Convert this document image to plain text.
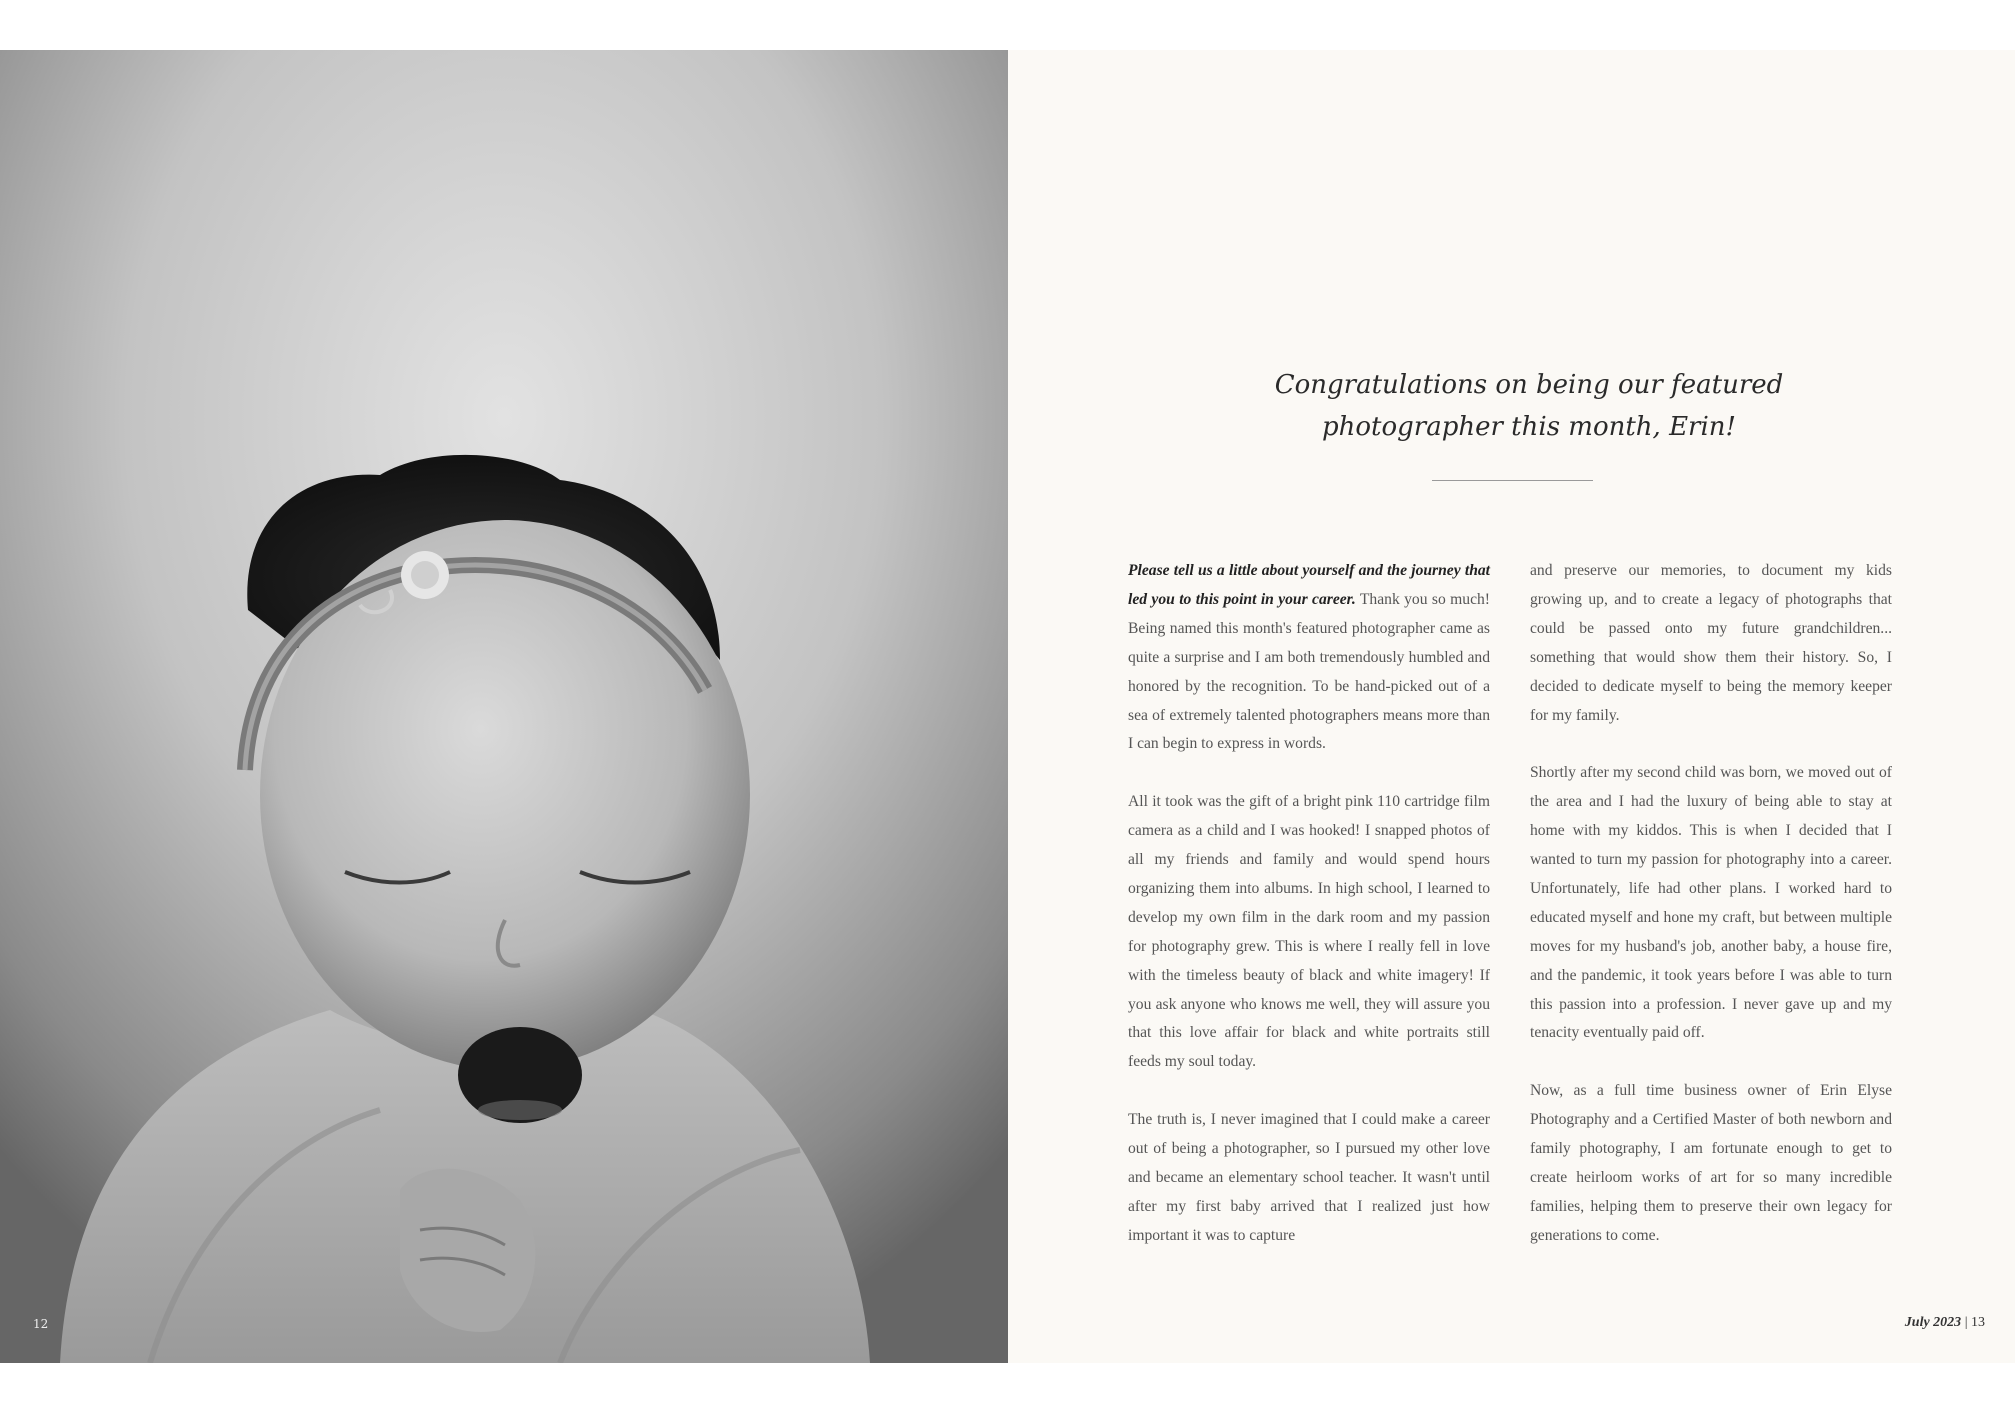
12
Congratulations on being our featured
photographer this month, Erin!

Please tell us a little about yourself and the journey that led you to this point in your career. Thank you so much! Being named this month's featured photographer came as quite a surprise and I am both tremendously humbled and honored by the recognition. To be hand-picked out of a sea of extremely talented photographers means more than I can begin to express in words.

All it took was the gift of a bright pink 110 cartridge film camera as a child and I was hooked! I snapped photos of all my friends and family and would spend hours organizing them into albums. In high school, I learned to develop my own film in the dark room and my passion for photography grew. This is where I really fell in love with the timeless beauty of black and white imagery! If you ask anyone who knows me well, they will assure you that this love affair for black and white portraits still feeds my soul today.

The truth is, I never imagined that I could make a career out of being a photographer, so I pursued my other love and became an elementary school teacher. It wasn't until after my first baby arrived that I realized just how important it was to capture

and preserve our memories, to document my kids growing up, and to create a legacy of photographs that could be passed onto my future grandchildren... something that would show them their history. So, I decided to dedicate myself to being the memory keeper for my family.

Shortly after my second child was born, we moved out of the area and I had the luxury of being able to stay at home with my kiddos. This is when I decided that I wanted to turn my passion for photography into a career. Unfortunately, life had other plans. I worked hard to educated myself and hone my craft, but between multiple moves for my husband's job, another baby, a house fire, and the pandemic, it took years before I was able to turn this passion into a profession. I never gave up and my tenacity eventually paid off.

Now, as a full time business owner of Erin Elyse Photography and a Certified Master of both newborn and family photography, I am fortunate enough to get to create heirloom works of art for so many incredible families, helping them to preserve their own legacy for generations to come.

July 2023 | 13
